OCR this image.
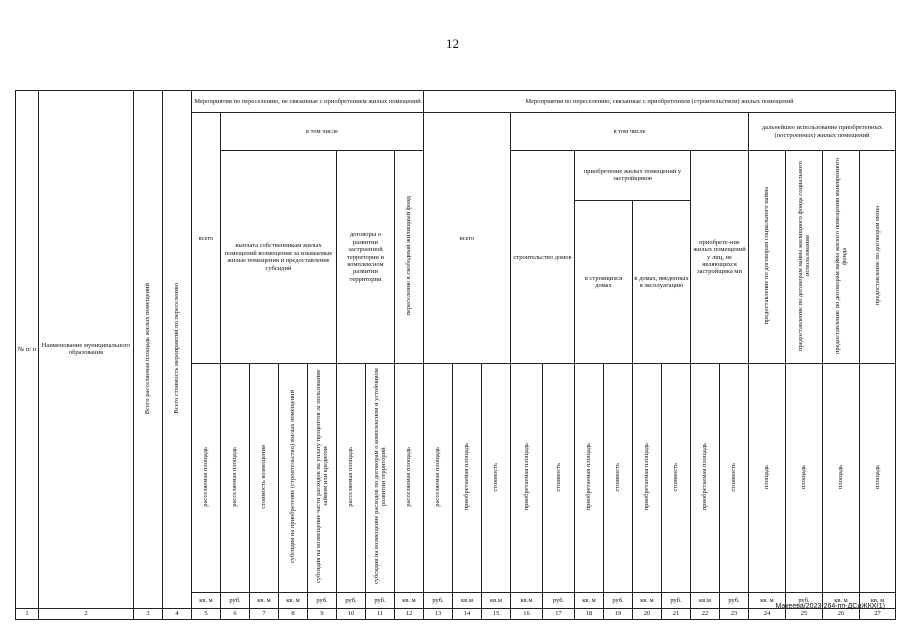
12
№ п/ п	Наименование муниципального образования	Всего расселяемая площадь жилых помещений	Всего стоимость мероприятий по переселению	Мероприятия по переселению, не связанные с приобретением жилых помещений								Мероприятия по переселению, связанные с приобретением (строительством) жилых помещений															
				всего	в том числе							всего			в том числе								дальнейшее использование приобретенных (построенных) жилых помещений				
					выплата собственникам жилых помещений возмещения за изымаемые жилые помещения и предоставление субсидий				договоры о развитии застроенной территории и комплексном развитии территории		переселение в свободный жилищный фонд				строительство домов		приобретение жилых помещений у застройщиков				приобрете-ние жилых помещений у лиц, не являющихся застройщика ми		предоставление по договорам социального найма	предоставление по договорам найма жилищного фонда социального использования	предоставление по договорам найма жилого помещения маневренного фонда	предоставление по договорам мены	
																	в строящихся домах		в домах, введенных в эксплуатацию								
				расселяемая площадь	расселяемая площадь	стоимость возмещения	субсидия на приобретение (строительство) жилых помещений	субсидия на возмещение части расходов на уплату процентов за пользование займом или кредитом	расселяемая площадь	субсидия на возмещение расходов по договорам о комплексном и устойчивом развитии территорий	расселяемая площадь	расселяемая площадь	приобретаемая площадь	стоимость	приобретаемая площадь	стоимость	приобретаемая площадь	стоимость	приобретаемая площадь	стоимость	приобретаемая площадь	стоимость	площадь	площадь	площадь	площадь	
				кв. м	руб.	кв. м	кв. м	руб.	руб.	руб.	кв. м	руб.	кв.м	кв.м	кв.м	руб.	кв. м	руб.	кв. м	руб.	кв.м	руб.	кв. м	руб.	кв. м	кв. м		
1	2	3	4	5	6	7	8	9	10	11	12	13	14	15	16	17	18	19	20	21	22	23	24	25	26	27	
Макеева/2023-264-пп-ДСиЖКХ(1)
